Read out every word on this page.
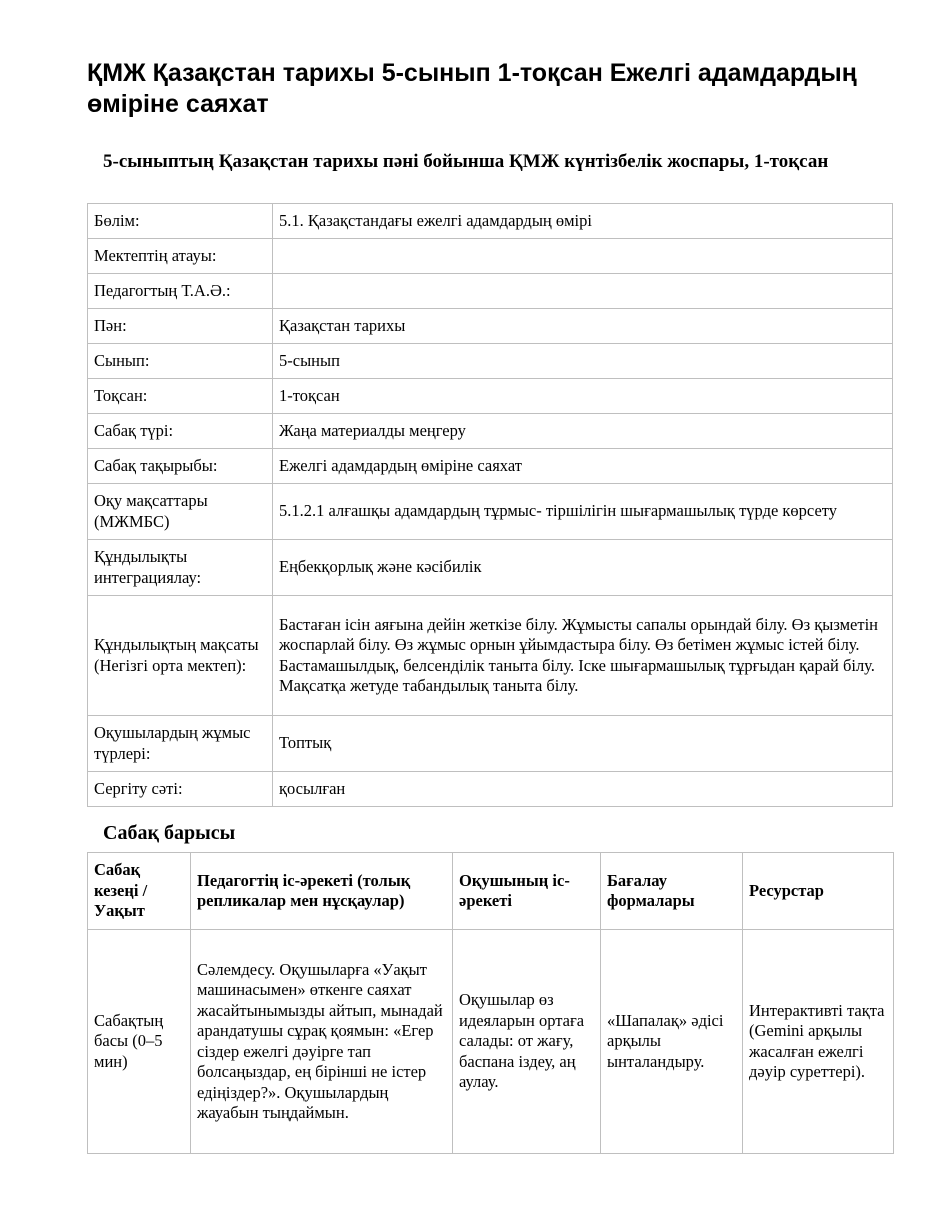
ҚМЖ Қазақстан тарихы 5-сынып 1-тоқсан Ежелгі адамдардың өміріне саяхат
5-сыныптың Қазақстан тарихы пәні бойынша ҚМЖ күнтізбелік жоспары, 1-тоқсан
Бөлім:	5.1. Қазақстандағы ежелгі адамдардың өмірі
Мектептің атауы:	
Педагогтың Т.А.Ә.:	
Пән:	Қазақстан тарихы
Сынып:	5-сынып
Тоқсан:	1-тоқсан
Сабақ түрі:	Жаңа материалды меңгеру
Сабақ тақырыбы:	Ежелгі адамдардың өміріне саяхат
Оқу мақсаттары (МЖМБС)	5.1.2.1 алғашқы адамдардың тұрмыс- тіршілігін шығармашылық түрде көрсету
Құндылықты интеграциялау:	Еңбекқорлық және кәсібилік
Құндылықтың мақсаты (Негізгі орта мектеп):	Бастаған ісін аяғына дейін жеткізе білу. Жұмысты сапалы орындай білу. Өз қызметін жоспарлай білу. Өз жұмыс орнын ұйымдастыра білу. Өз бетімен жұмыс істей білу. Бастамашылдық, белсенділік таныта білу. Іске шығармашылық тұрғыдан қарай білу. Мақсатқа жетуде табандылық таныта білу.
Оқушылардың жұмыс түрлері:	Топтық
Сергіту сәті:	қосылған
Сабақ барысы
Сабақ кезеңі / Уақыт	Педагогтің іс-әрекеті (толық репликалар мен нұсқаулар)	Оқушының іс-әрекеті	Бағалау формалары	Ресурстар
Сабақтың басы (0–5 мин)	Сәлемдесу. Оқушыларға «Уақыт машинасымен» өткенге саяхат жасайтынымызды айтып, мынадай арандатушы сұрақ қоямын: «Егер сіздер ежелгі дәуірге тап болсаңыздар, ең бірінші не істер едіңіздер?». Оқушылардың жауабын тыңдаймын.	Оқушылар өз идеяларын ортаға салады: от жағу, баспана іздеу, аң аулау.	«Шапалақ» әдісі арқылы ынталандыру.	Интерактивті тақта (Gemini арқылы жасалған ежелгі дәуір суреттері).
